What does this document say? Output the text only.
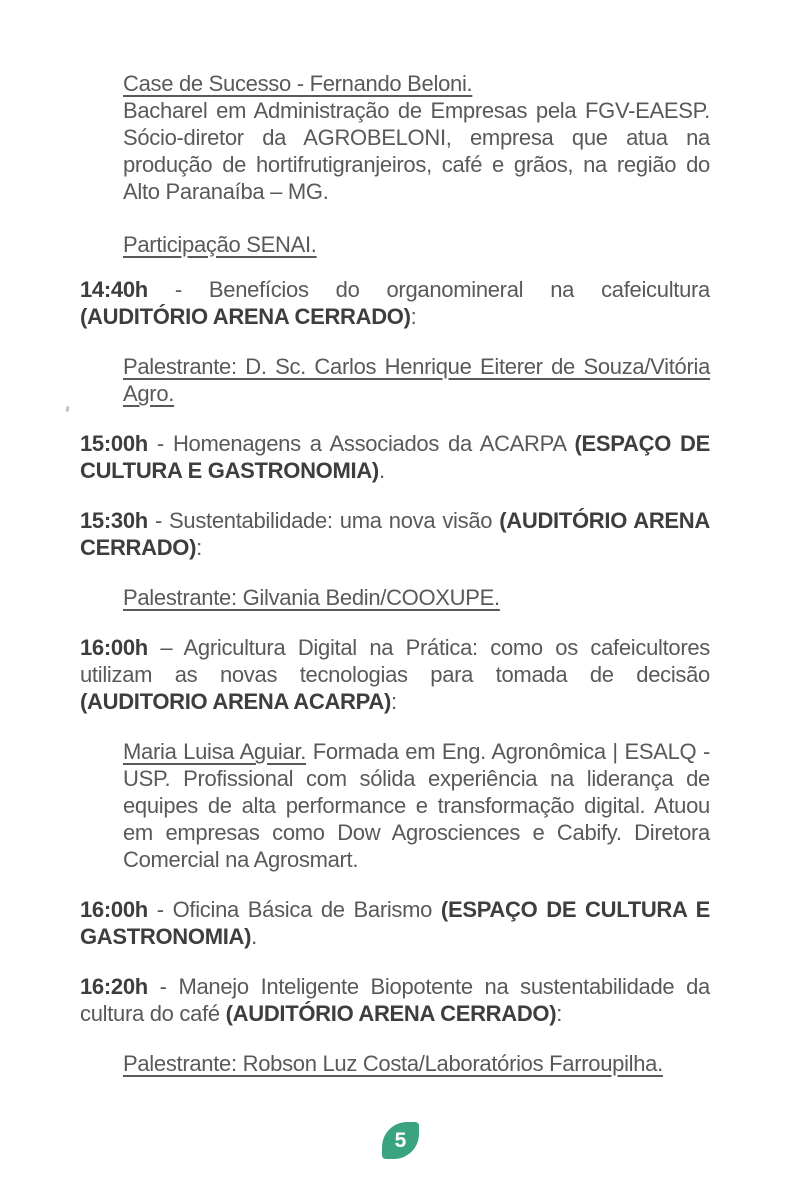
Case de Sucesso - Fernando Beloni.

Bacharel em Administração de Empresas pela FGV-EAESP. Sócio-diretor da AGROBELONI, empresa que atua na produção de hortifrutigranjeiros, café e grãos, na região do Alto Paranaíba – MG.

Participação SENAI.

14:40h - Benefícios do organomineral na cafeicultura (AUDITÓRIO ARENA CERRADO):

Palestrante: D. Sc. Carlos Henrique Eiterer de Souza/Vitória Agro.

15:00h - Homenagens a Associados da ACARPA (ESPAÇO DE CULTURA E GASTRONOMIA).

15:30h - Sustentabilidade: uma nova visão (AUDITÓRIO ARENA CERRADO):

Palestrante: Gilvania Bedin/COOXUPE.

16:00h – Agricultura Digital na Prática: como os cafeicultores utilizam as novas tecnologias para tomada de decisão (AUDITORIO ARENA ACARPA):

Maria Luisa Aguiar. Formada em Eng. Agronômica | ESALQ - USP. Profissional com sólida experiência na liderança de equipes de alta performance e transformação digital. Atuou em empresas como Dow Agrosciences e Cabify. Diretora Comercial na Agrosmart.

16:00h - Oficina Básica de Barismo (ESPAÇO DE CULTURA E GASTRONOMIA).

16:20h - Manejo Inteligente Biopotente na sustentabilidade da cultura do café (AUDITÓRIO ARENA CERRADO):

Palestrante: Robson Luz Costa/Laboratórios Farroupilha.

5
